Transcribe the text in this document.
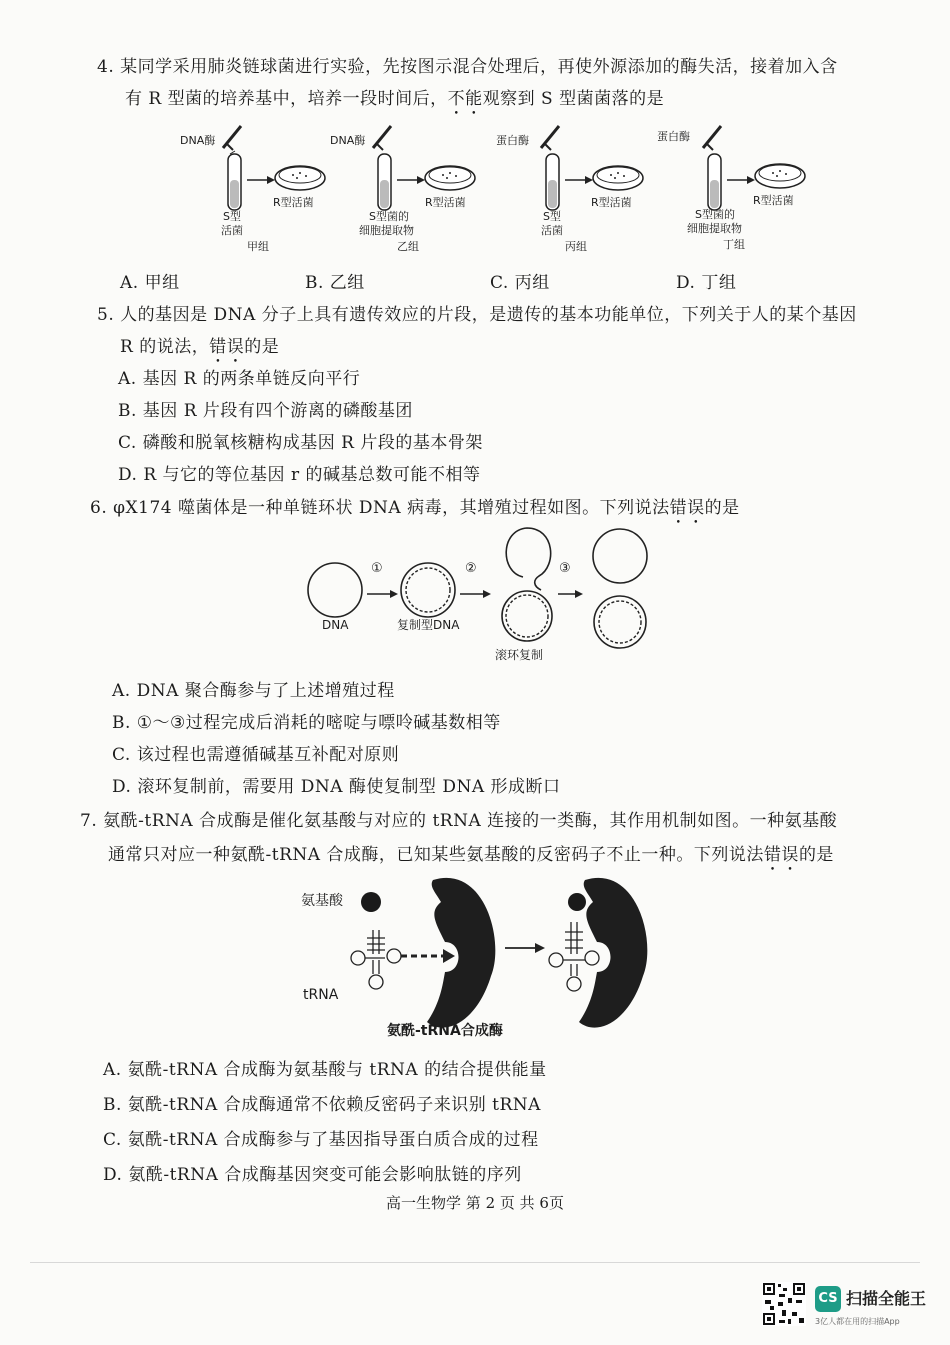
4. 某同学采用肺炎链球菌进行实验，先按图示混合处理后，再使外源添加的酶失活，接着加入含
有 R 型菌的培养基中，培养一段时间后，不能观察到 S 型菌菌落的是
DNA酶
R型活菌
S型
活菌
甲组
DNA酶
R型活菌
S型菌的
细胞提取物
乙组
蛋白酶
R型活菌
S型
活菌
丙组
蛋白酶
R型活菌
S型菌的
细胞提取物
丁组
A. 甲组	B. 乙组	C. 丙组	D. 丁组
5. 人的基因是 DNA 分子上具有遗传效应的片段，是遗传的基本功能单位，下列关于人的某个基因
R 的说法，错误的是
A. 基因 R 的两条单链反向平行
B. 基因 R 片段有四个游离的磷酸基团
C. 磷酸和脱氧核糖构成基因 R 片段的基本骨架
D. R 与它的等位基因 r 的碱基总数可能不相等
6. φX174 噬菌体是一种单链环状 DNA 病毒，其增殖过程如图。下列说法错误的是
①	②	③
DNA	复制型DNA
滚环复制
A. DNA 聚合酶参与了上述增殖过程
B. ①～③过程完成后消耗的嘧啶与嘌呤碱基数相等
C. 该过程也需遵循碱基互补配对原则
D. 滚环复制前，需要用 DNA 酶使复制型 DNA 形成断口
7. 氨酰-tRNA 合成酶是催化氨基酸与对应的 tRNA 连接的一类酶，其作用机制如图。一种氨基酸
通常只对应一种氨酰-tRNA 合成酶，已知某些氨基酸的反密码子不止一种。下列说法错误的是
氨基酸
tRNA
氨酰-tRNA合成酶
A. 氨酰-tRNA 合成酶为氨基酸与 tRNA 的结合提供能量
B. 氨酰-tRNA 合成酶通常不依赖反密码子来识别 tRNA
C. 氨酰-tRNA 合成酶参与了基因指导蛋白质合成的过程
D. 氨酰-tRNA 合成酶基因突变可能会影响肽链的序列
高一生物学 第 2 页 共 6页
CS 扫描全能王
3亿人都在用的扫描App
